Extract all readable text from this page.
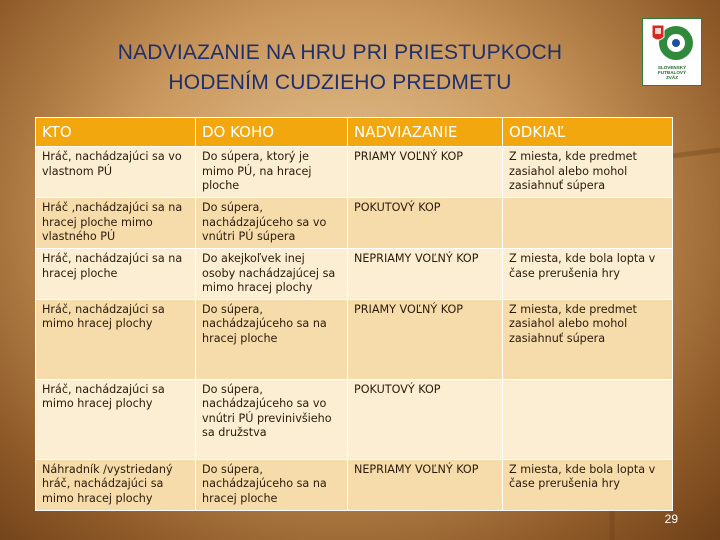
NADVIAZANIE NA HRU PRI PRIESTUPKOCH
HODENÍM CUDZIEHO PREDMETU
SLOVENSKÝ
FUTBALOVÝ
ZVÄZ
KTO	DO KOHO	NADVIAZANIE	ODKIAĽ
Hráč, nachádzajúci sa vo vlastnom PÚ	Do súpera, ktorý je mimo PÚ, na hracej ploche	PRIAMY VOĽNÝ KOP	Z miesta, kde predmet zasiahol alebo mohol zasiahnuť súpera
Hráč ,nachádzajúci sa na hracej ploche mimo vlastného PÚ	Do súpera, nachádzajúceho sa vo vnútri PÚ súpera	POKUTOVÝ KOP	
Hráč, nachádzajúci sa na hracej ploche	Do akejkoľvek inej osoby nachádzajúcej sa mimo hracej plochy	NEPRIAMY VOĽNÝ KOP	Z miesta, kde bola lopta v čase prerušenia hry
Hráč, nachádzajúci sa mimo hracej plochy	Do súpera, nachádzajúceho sa na hracej ploche	PRIAMY VOĽNÝ KOP	Z miesta, kde predmet zasiahol alebo mohol zasiahnuť súpera
Hráč, nachádzajúci sa mimo hracej plochy	Do súpera, nachádzajúceho sa vo vnútri PÚ previnivšieho sa družstva	POKUTOVÝ KOP	
Náhradník /vystriedaný hráč, nachádzajúci sa mimo hracej plochy	Do súpera, nachádzajúceho sa na hracej ploche	NEPRIAMY VOĽNÝ KOP	Z miesta, kde bola lopta v čase prerušenia hry
29
